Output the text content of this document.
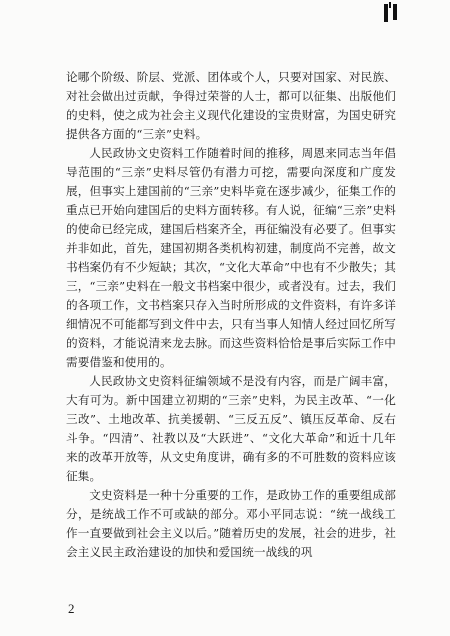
论哪个阶级、阶层、党派、团体或个人，只要对国家、对民族、对社会做出过贡献，争得过荣誉的人士，都可以征集、出版他们的史料，使之成为社会主义现代化建设的宝贵财富，为国史研究提供各方面的“三亲”史料。

人民政协文史资料工作随着时间的推移，周恩来同志当年倡导范围的“三亲”史料尽管仍有潜力可挖，需要向深度和广度发展，但事实上建国前的“三亲”史料毕竟在逐步减少，征集工作的重点已开始向建国后的史料方面转移。有人说，征编“三亲”史料的使命已经完成，建国后档案齐全，再征编没有必要了。但事实并非如此，首先，建国初期各类机构初建，制度尚不完善，故文书档案仍有不少短缺；其次，“文化大革命”中也有不少散失；其三，“三亲”史料在一般文书档案中很少，或者没有。过去，我们的各项工作，文书档案只存入当时所形成的文件资料，有许多详细情况不可能都写到文件中去，只有当事人知情人经过回忆所写的资料，才能说清来龙去脉。而这些资料恰恰是事后实际工作中需要借鉴和使用的。

人民政协文史资料征编领域不是没有内容，而是广阔丰富，大有可为。新中国建立初期的“三亲”史料，为民主改革、“一化三改”、土地改革、抗美援朝、“三反五反”、镇压反革命、反右斗争。“四清”、社教以及“大跃进”、“文化大革命”和近十几年来的改革开放等，从文史角度讲，确有多的不可胜数的资料应该征集。

文史资料是一种十分重要的工作，是政协工作的重要组成部分，是统战工作不可或缺的部分。邓小平同志说：“统一战线工作一直要做到社会主义以后。”随着历史的发展，社会的进步，社会主义民主政治建设的加快和爱国统一战线的巩

2
